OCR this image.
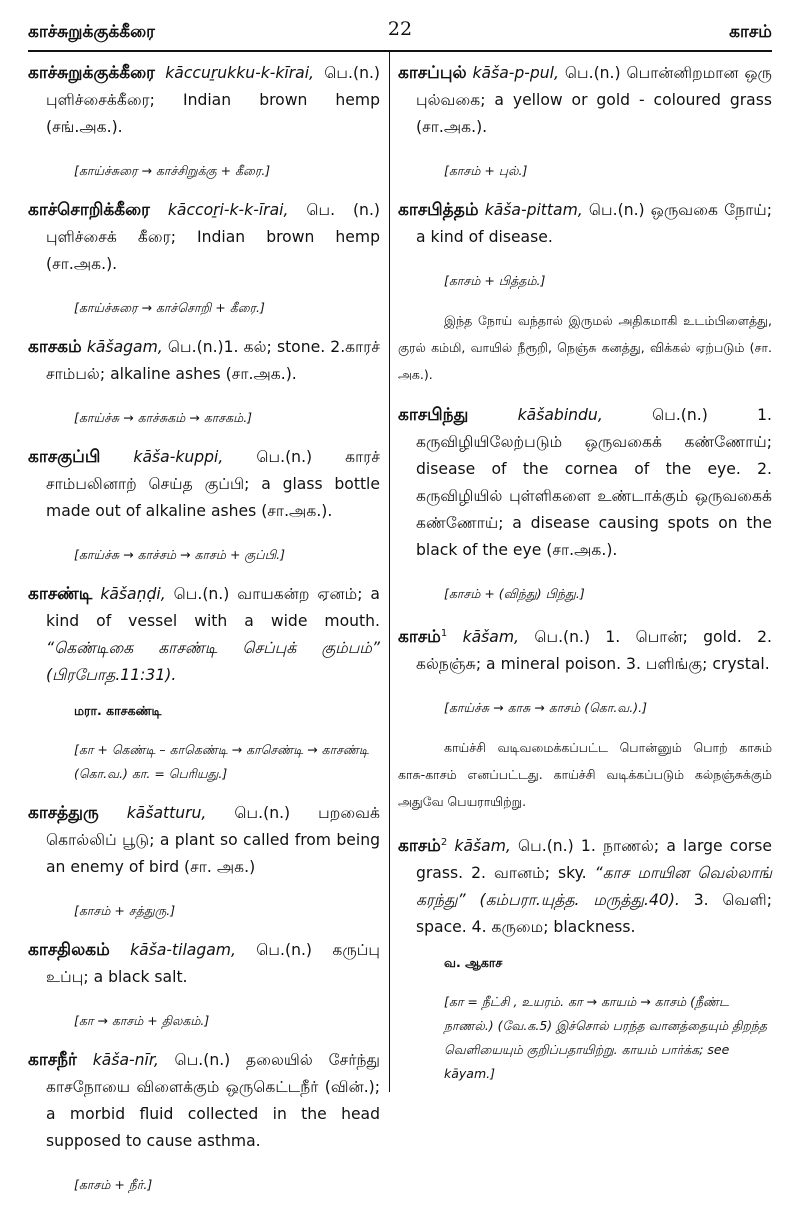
காச்சுறுக்குக்கீரை	22	காசம்

காச்சுறுக்குக்கீரை kāccuṟukku-k-kīrai, பெ.(n.) புளிச்சைக்கீரை; Indian brown hemp (சங்.அக.).

[காய்ச்சுரை → காச்சிறுக்கு + கீரை.]

காச்சொறிக்கீரை kāccoṟi-k-k-īrai, பெ. (n.) புளிச்சைக் கீரை; Indian brown hemp (சா.அக.).

[காய்ச்சுரை → காச்சொறி + கீரை.]

காசகம் kāšagam, பெ.(n.)1. கல்; stone. 2.காரச் சாம்பல்; alkaline ashes (சா.அக.).

[காய்ச்சு → காச்சுகம் → காசகம்.]

காசகுப்பி kāša-kuppi, பெ.(n.) காரச் சாம்பலினாற் செய்த குப்பி; a glass bottle made out of alkaline ashes (சா.அக.).

[காய்ச்சு → காச்சம் → காசம் + குப்பி.]

காசண்டி kāšaṇḍi, பெ.(n.) வாயகன்ற ஏனம்; a kind of vessel with a wide mouth. “கெண்டிகை காசண்டி செப்புக் கும்பம்” (பிரபோத.11:31).

மரா. காசகண்டி
[கா + கெண்டி – காகெண்டி → காசெண்டி → காசண்டி (கொ.வ.) கா. = பெரியது.]

காசத்துரு kāšatturu, பெ.(n.) பறவைக் கொல்லிப் பூடு; a plant so called from being an enemy of bird (சா. அக.)

[காசம் + சத்துரு.]

காசதிலகம் kāša-tilagam, பெ.(n.) கருப்பு உப்பு; a black salt.

[கா → காசம் + திலகம்.]

காசநீர் kāša-nīr, பெ.(n.) தலையில் சேர்ந்து காசநோயை விளைக்கும் ஒருகெட்டநீர் (வின்.); a morbid fluid collected in the head supposed to cause asthma.

[காசம் + நீர்.]

காசப்புல் kāša-p-pul, பெ.(n.) பொன்னிறமான ஒரு புல்வகை; a yellow or gold - coloured grass (சா.அக.).

[காசம் + புல்.]

காசபித்தம் kāša-pittam, பெ.(n.) ஒருவகை நோய்; a kind of disease.

[காசம் + பித்தம்.]

இந்த நோய் வந்தால் இருமல் அதிகமாகி உடம்பிளைத்து, குரல் கம்மி, வாயில் நீரூறி, நெஞ்சு கனத்து, விக்கல் ஏற்படும் (சா. அக.).

காசபிந்து	kāšabindu, பெ.(n.) 1. கருவிழியிலேற்படும் ஒருவகைக் கண்ணோய்; disease of the cornea of the eye. 2. கருவிழியில் புள்ளிகளை உண்டாக்கும் ஒருவகைக் கண்ணோய்; a disease causing spots on the black of the eye (சா.அக.).

[காசம் + (விந்து) பிந்து.]

காசம்$^1$ kāšam, பெ.(n.) 1. பொன்; gold. 2. கல்நஞ்சு; a mineral poison. 3. பளிங்கு; crystal.

[காய்ச்சு → காசு → காசம் (கொ.வ.).]

காய்ச்சி வடிவமைக்கப்பட்ட பொன்னும் பொற் காசும் காசு-காசம் எனப்பட்டது. காய்ச்சி வடிக்கப்படும் கல்நஞ்சுக்கும் அதுவே பெயராயிற்று.

காசம்$^2$ kāšam, பெ.(n.) 1. நாணல்; a large corse grass. 2. வானம்; sky. “காச மாயின வெல்லாங் கரந்து” (கம்பரா.யுத்த. மருத்து.40). 3. வெளி; space. 4. கருமை; blackness.

வ. ஆகாச
[கா = நீட்சி , உயரம். கா → காயம் → காசம் (நீண்ட நாணல்.) (வே.க.5) இச்சொல் பரந்த வானத்தையும் திறந்த வெளியையும் குறிப்பதாயிற்று. காயம் பார்க்க; see kāyam.]
